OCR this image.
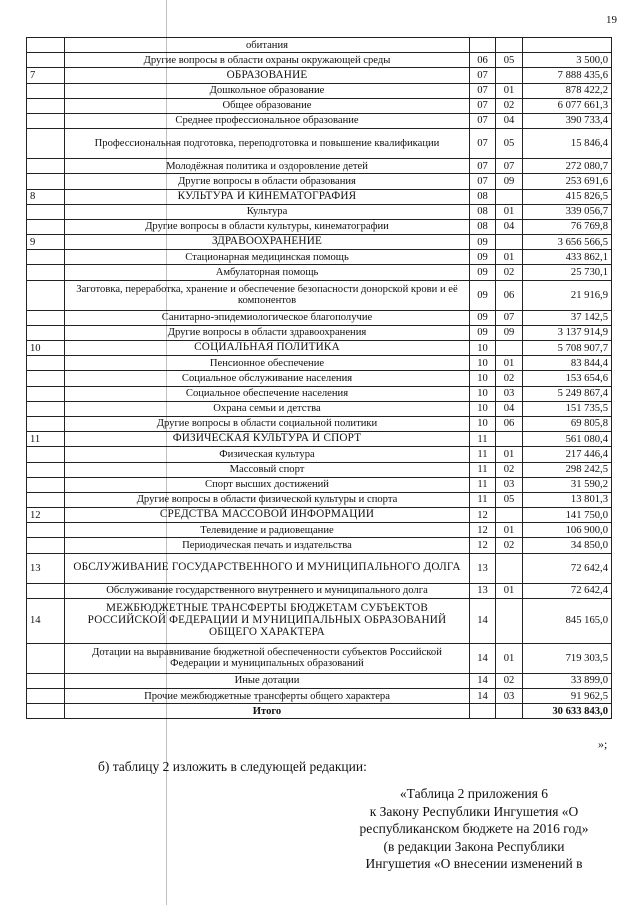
19
	обитания			
	Другие вопросы в области охраны окружающей среды	06	05	3 500,0
7	ОБРАЗОВАНИЕ	07		7 888 435,6
	Дошкольное образование	07	01	878 422,2
	Общее образование	07	02	6 077 661,3
	Среднее профессиональное образование	07	04	390 733,4
	Профессиональная подготовка, переподготовка и повышение квалификации	07	05	15 846,4
	Молодёжная политика и оздоровление детей	07	07	272 080,7
	Другие вопросы в области образования	07	09	253 691,6
8	КУЛЬТУРА И КИНЕМАТОГРАФИЯ	08		415 826,5
	Культура	08	01	339 056,7
	Другие вопросы в области культуры, кинематографии	08	04	76 769,8
9	ЗДРАВООХРАНЕНИЕ	09		3 656 566,5
	Стационарная медицинская помощь	09	01	433 862,1
	Амбулаторная помощь	09	02	25 730,1
	Заготовка, переработка, хранение и обеспечение безопасности донорской крови и её компонентов	09	06	21 916,9
	Санитарно-эпидемиологическое благополучие	09	07	37 142,5
	Другие вопросы в области здравоохранения	09	09	3 137 914,9
10	СОЦИАЛЬНАЯ ПОЛИТИКА	10		5 708 907,7
	Пенсионное обеспечение	10	01	83 844,4
	Социальное обслуживание населения	10	02	153 654,6
	Социальное обеспечение населения	10	03	5 249 867,4
	Охрана семьи и детства	10	04	151 735,5
	Другие вопросы в области социальной политики	10	06	69 805,8
11	ФИЗИЧЕСКАЯ КУЛЬТУРА И СПОРТ	11		561 080,4
	Физическая культура	11	01	217 446,4
	Массовый спорт	11	02	298 242,5
	Спорт высших достижений	11	03	31 590,2
	Другие вопросы в области физической культуры и спорта	11	05	13 801,3
12	СРЕДСТВА МАССОВОЙ ИНФОРМАЦИИ	12		141 750,0
	Телевидение и радиовещание	12	01	106 900,0
	Периодическая печать и издательства	12	02	34 850,0
13	ОБСЛУЖИВАНИЕ ГОСУДАРСТВЕННОГО И МУНИЦИПАЛЬНОГО ДОЛГА	13		72 642,4
	Обслуживание государственного внутреннего и муниципального долга	13	01	72 642,4
14	МЕЖБЮДЖЕТНЫЕ ТРАНСФЕРТЫ БЮДЖЕТАМ СУБЪЕКТОВ РОССИЙСКОЙ ФЕДЕРАЦИИ И МУНИЦИПАЛЬНЫХ ОБРАЗОВАНИЙ ОБЩЕГО ХАРАКТЕРА	14		845 165,0
	Дотации на выравнивание бюджетной обеспеченности субъектов Российской Федерации и муниципальных образований	14	01	719 303,5
	Иные дотации	14	02	33 899,0
	Прочие межбюджетные трансферты общего характера	14	03	91 962,5
	Итого			30 633 843,0
»;
б) таблицу 2 изложить в следующей редакции:
«Таблица 2 приложения 6
к Закону Республики Ингушетия «О
республиканском бюджете на 2016 год»
(в редакции Закона Республики
Ингушетия «О внесении изменений в
